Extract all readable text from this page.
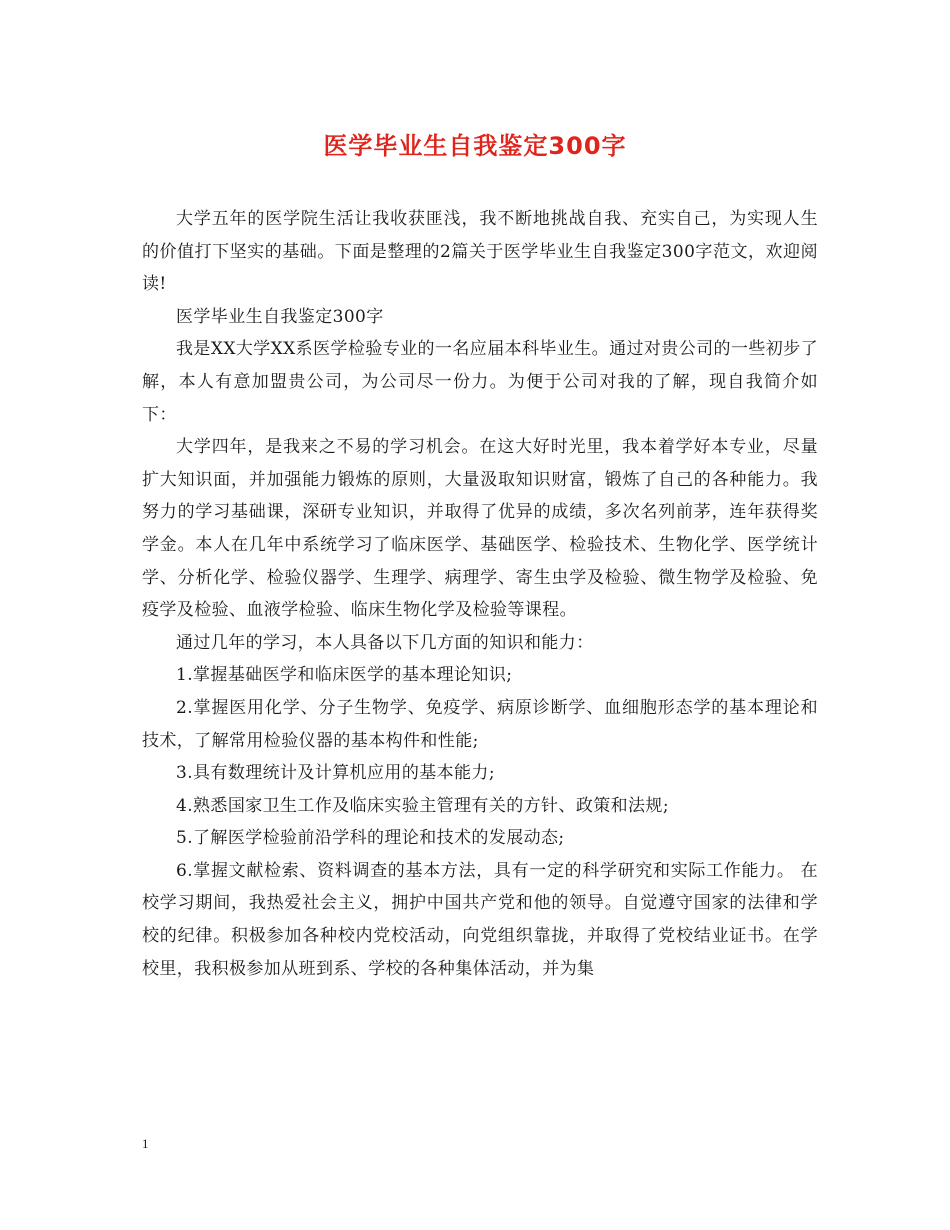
医学毕业生自我鉴定300字

大学五年的医学院生活让我收获匪浅，我不断地挑战自我、充实自己，为实现人生的价值打下坚实的基础。下面是整理的2篇关于医学毕业生自我鉴定300字范文，欢迎阅读!

医学毕业生自我鉴定300字

我是XX大学XX系医学检验专业的一名应届本科毕业生。通过对贵公司的一些初步了解，本人有意加盟贵公司，为公司尽一份力。为便于公司对我的了解，现自我简介如下：

大学四年，是我来之不易的学习机会。在这大好时光里，我本着学好本专业，尽量扩大知识面，并加强能力锻炼的原则，大量汲取知识财富，锻炼了自己的各种能力。我努力的学习基础课，深研专业知识，并取得了优异的成绩，多次名列前茅，连年获得奖学金。本人在几年中系统学习了临床医学、基础医学、检验技术、生物化学、医学统计学、分析化学、检验仪器学、生理学、病理学、寄生虫学及检验、微生物学及检验、免疫学及检验、血液学检验、临床生物化学及检验等课程。

通过几年的学习，本人具备以下几方面的知识和能力：

1.掌握基础医学和临床医学的基本理论知识;

2.掌握医用化学、分子生物学、免疫学、病原诊断学、血细胞形态学的基本理论和技术，了解常用检验仪器的基本构件和性能;

3.具有数理统计及计算机应用的基本能力;

4.熟悉国家卫生工作及临床实验主管理有关的方针、政策和法规;

5.了解医学检验前沿学科的理论和技术的发展动态;

6.掌握文献检索、资料调查的基本方法，具有一定的科学研究和实际工作能力。 在校学习期间，我热爱社会主义，拥护中国共产党和他的领导。自觉遵守国家的法律和学校的纪律。积极参加各种校内党校活动，向党组织靠拢，并取得了党校结业证书。在学校里，我积极参加从班到系、学校的各种集体活动，并为集

1
